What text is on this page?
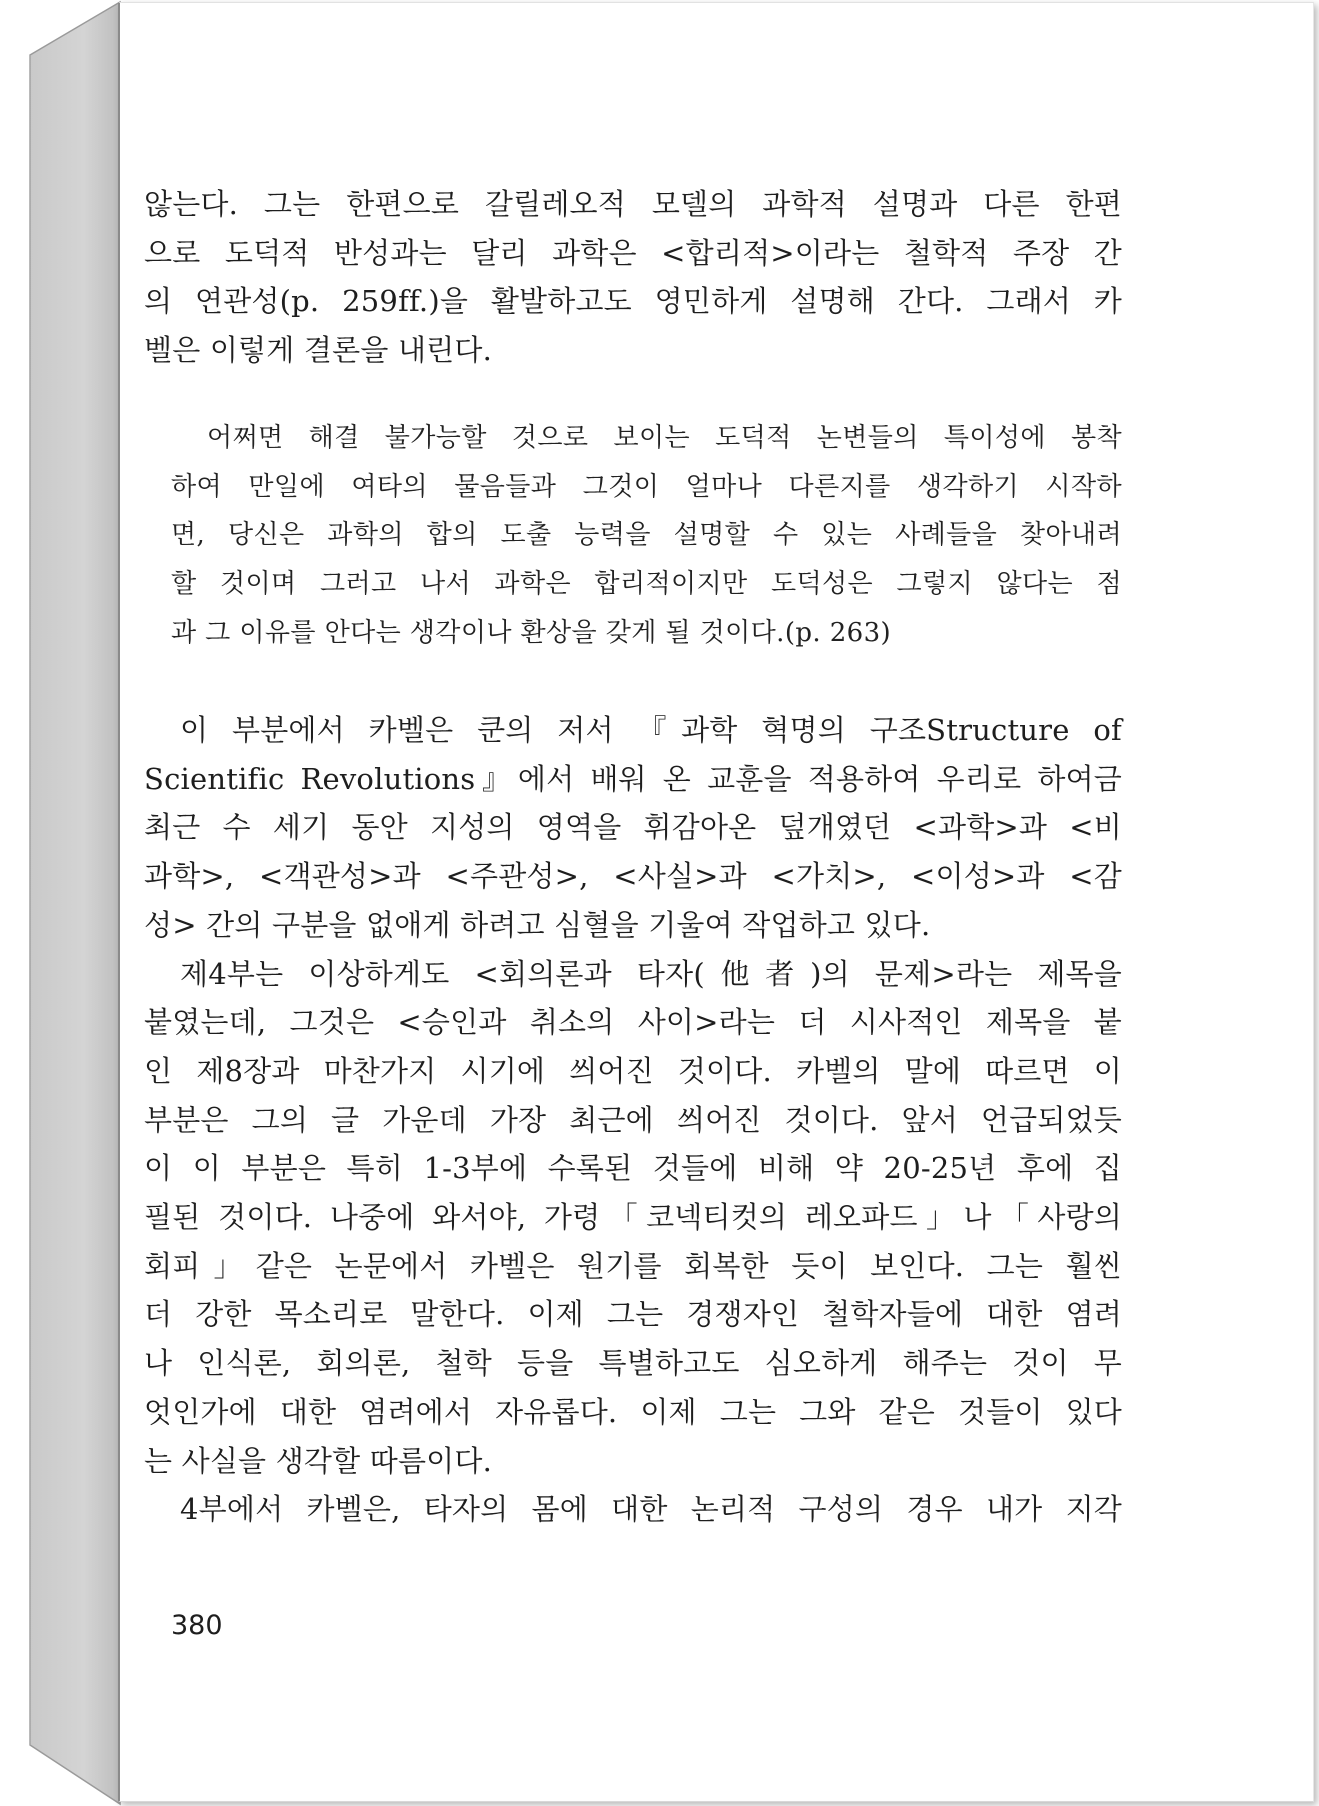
않는다. 그는 한편으로 갈릴레오적 모델의 과학적 설명과 다른 한편
으로 도덕적 반성과는 달리 과학은 <합리적>이라는 철학적 주장 간
의 연관성(p. 259ff.)을 활발하고도 영민하게 설명해 간다. 그래서 카
벨은 이렇게 결론을 내린다.
어쩌면 해결 불가능할 것으로 보이는 도덕적 논변들의 특이성에 봉착
하여 만일에 여타의 물음들과 그것이 얼마나 다른지를 생각하기 시작하
면, 당신은 과학의 합의 도출 능력을 설명할 수 있는 사례들을 찾아내려
할 것이며 그러고 나서 과학은 합리적이지만 도덕성은 그렇지 않다는 점
과 그 이유를 안다는 생각이나 환상을 갖게 될 것이다.(p. 263)
이 부분에서 카벨은 쿤의 저서 『과학 혁명의 구조Structure of
Scientific Revolutions』에서 배워 온 교훈을 적용하여 우리로 하여금
최근 수 세기 동안 지성의 영역을 휘감아온 덮개였던 <과학>과 <비
과학>, <객관성>과 <주관성>, <사실>과 <가치>, <이성>과 <감
성> 간의 구분을 없애게 하려고 심혈을 기울여 작업하고 있다.
제4부는 이상하게도 <회의론과 타자(他者)의 문제>라는 제목을
붙였는데, 그것은 <승인과 취소의 사이>라는 더 시사적인 제목을 붙
인 제8장과 마찬가지 시기에 씌어진 것이다. 카벨의 말에 따르면 이
부분은 그의 글 가운데 가장 최근에 씌어진 것이다. 앞서 언급되었듯
이 이 부분은 특히 1-3부에 수록된 것들에 비해 약 20-25년 후에 집
필된 것이다. 나중에 와서야, 가령「코넥티컷의 레오파드」나「사랑의
회피」같은 논문에서 카벨은 원기를 회복한 듯이 보인다. 그는 훨씬
더 강한 목소리로 말한다. 이제 그는 경쟁자인 철학자들에 대한 염려
나 인식론, 회의론, 철학 등을 특별하고도 심오하게 해주는 것이 무
엇인가에 대한 염려에서 자유롭다. 이제 그는 그와 같은 것들이 있다
는 사실을 생각할 따름이다.
4부에서 카벨은, 타자의 몸에 대한 논리적 구성의 경우 내가 지각
380
